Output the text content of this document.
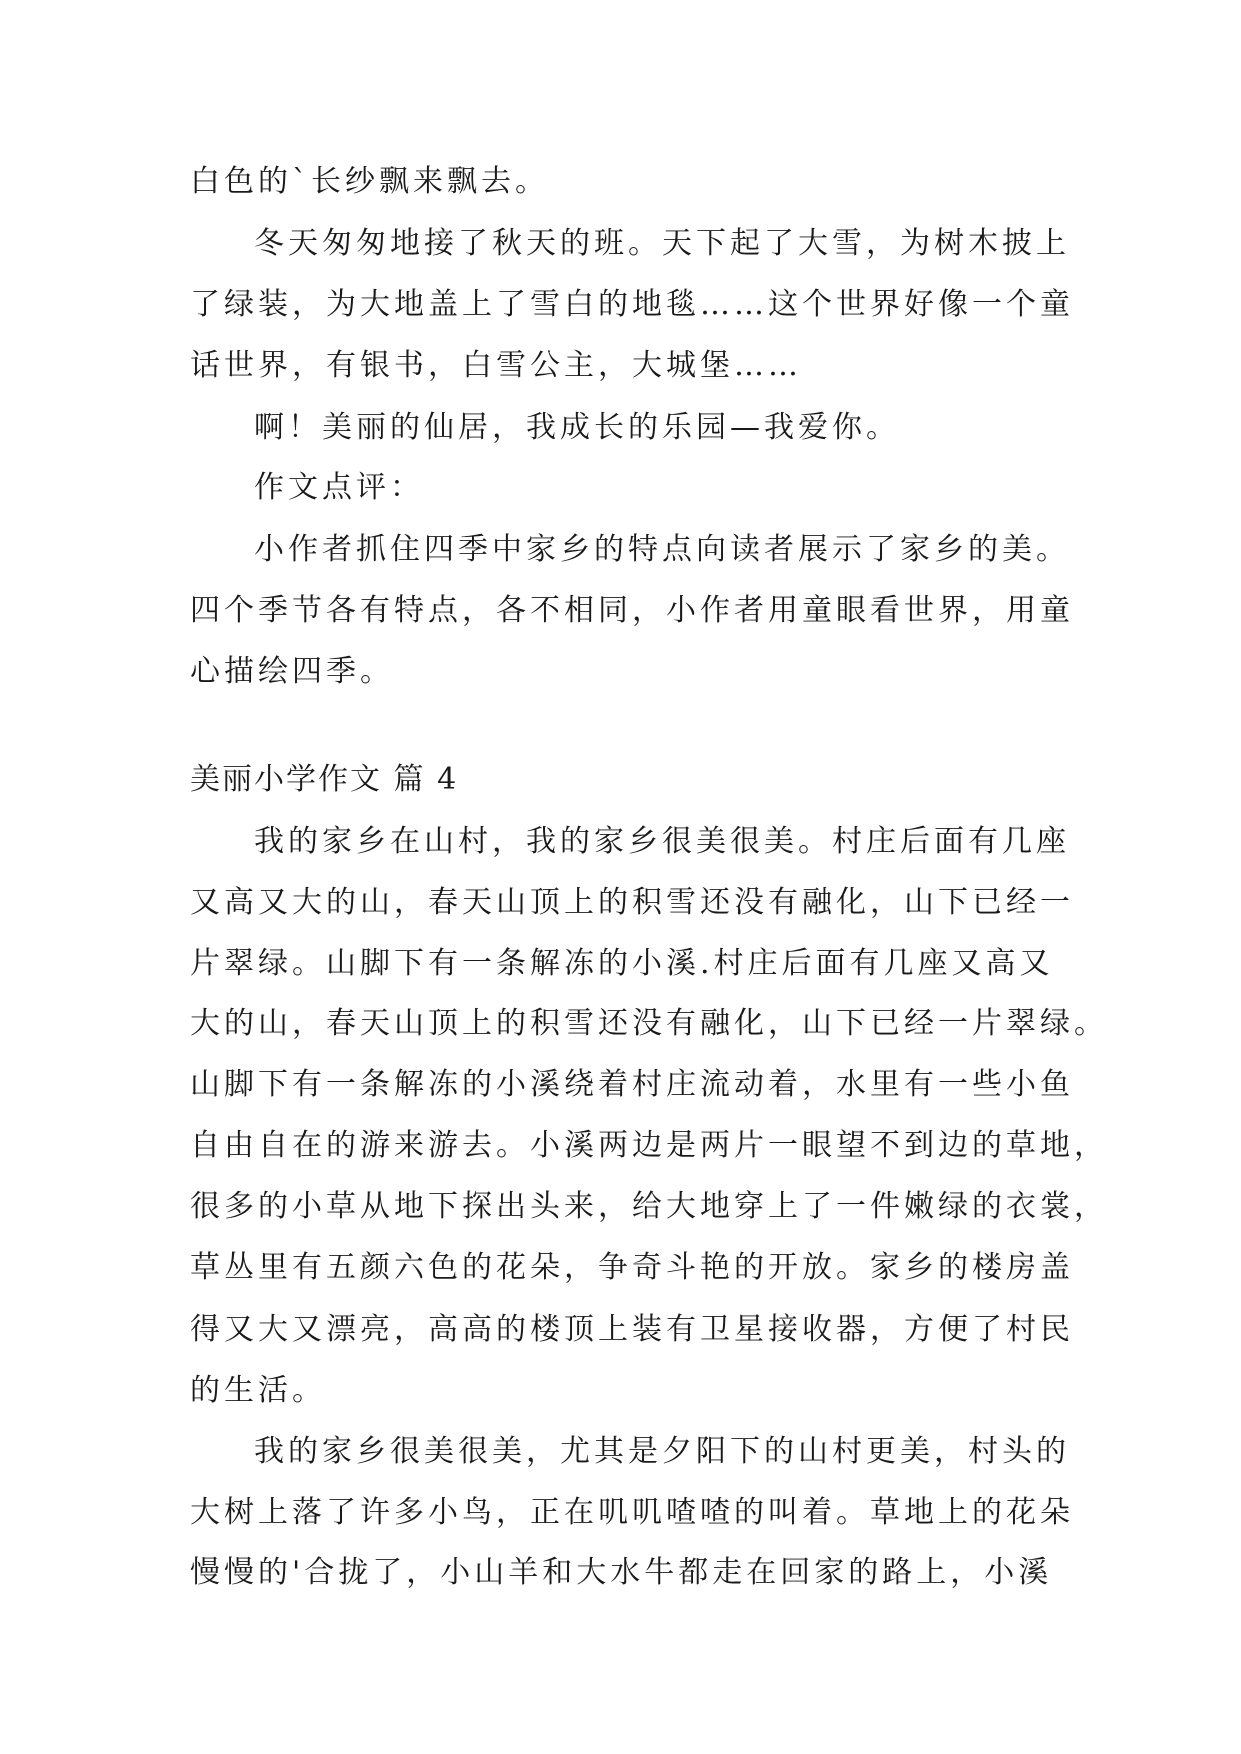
白色的`长纱飘来飘去。
冬天匆匆地接了秋天的班。天下起了大雪，为树木披上
了绿装，为大地盖上了雪白的地毯……这个世界好像一个童
话世界，有银书，白雪公主，大城堡……
啊！美丽的仙居，我成长的乐园—我爱你。
作文点评：
小作者抓住四季中家乡的特点向读者展示了家乡的美。
四个季节各有特点，各不相同，小作者用童眼看世界，用童
心描绘四季。
美丽小学作文 篇 4
我的家乡在山村，我的家乡很美很美。村庄后面有几座
又高又大的山，春天山顶上的积雪还没有融化，山下已经一
片翠绿。山脚下有一条解冻的小溪.村庄后面有几座又高又
大的山，春天山顶上的积雪还没有融化，山下已经一片翠绿。
山脚下有一条解冻的小溪绕着村庄流动着，水里有一些小鱼
自由自在的游来游去。小溪两边是两片一眼望不到边的草地，
很多的小草从地下探出头来，给大地穿上了一件嫩绿的衣裳，
草丛里有五颜六色的花朵，争奇斗艳的开放。家乡的楼房盖
得又大又漂亮，高高的楼顶上装有卫星接收器，方便了村民
的生活。
我的家乡很美很美，尤其是夕阳下的山村更美，村头的
大树上落了许多小鸟，正在叽叽喳喳的叫着。草地上的花朵
慢慢的'合拢了，小山羊和大水牛都走在回家的路上，小溪
